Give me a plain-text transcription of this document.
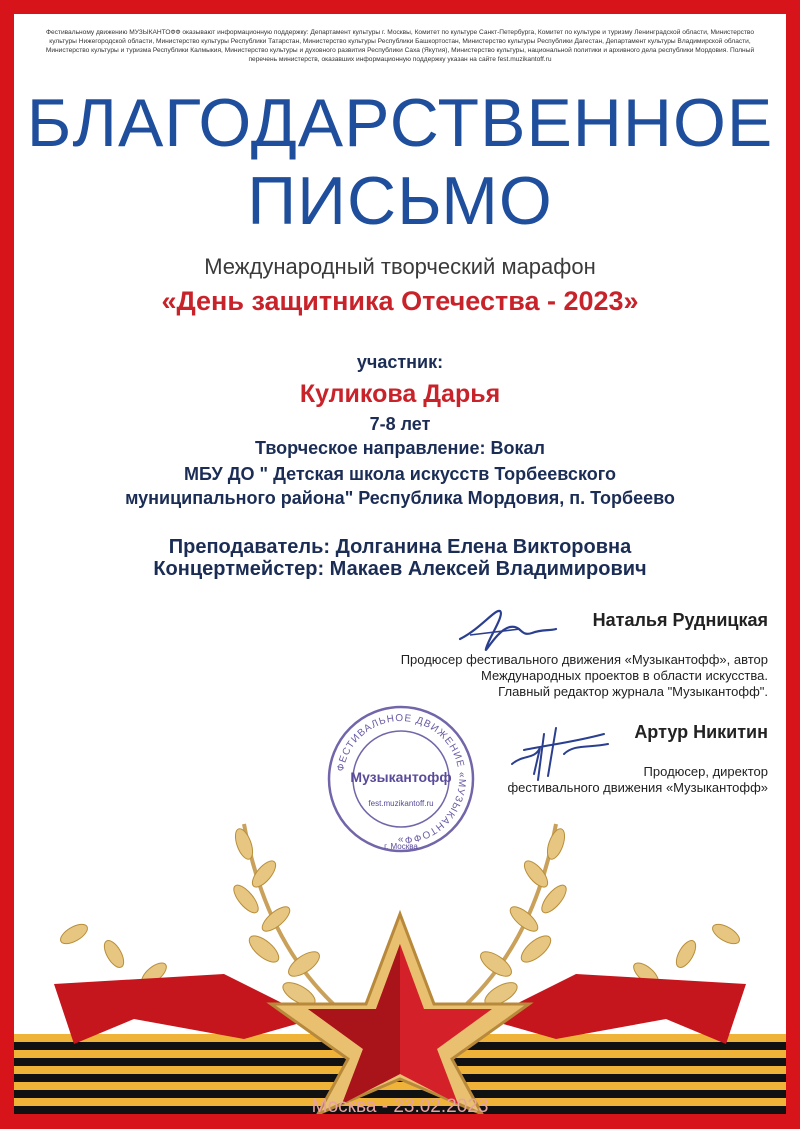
Фестивальному движению МУЗЫКАНТОФФ оказывают информационную поддержку: Департамент культуры г. Москвы, Комитет по культуре Санкт-Петербурга, Комитет по культуре и туризму Ленинградской области, Министерство культуры Нижегородской области, Министерство культуры Республики Татарстан, Министерство культуры Республики Башкортостан, Министерство культуры Республики Дагестан, Департамент культуры Владимирской области, Министерство культуры и туризма Республики Калмыкия, Министерство культуры и духовного развития Республики Саха (Якутия), Министерство культуры, национальной политики и архивного дела республики Мордовия. Полный перечень министерств, оказавших информационную поддержку указан на сайте fest.muzikantoff.ru
БЛАГОДАРСТВЕННОЕ
ПИСЬМО
Международный творческий марафон
«День защитника Отечества - 2023»
участник:
Куликова Дарья
7-8 лет
Творческое направление: Вокал
МБУ ДО " Детская школа искусств Торбеевского муниципального района" Республика Мордовия, п. Торбеево
Преподаватель: Долганина Елена Викторовна
Концертмейстер: Макаев Алексей Владимирович
Наталья Рудницкая
Продюсер фестивального движения «Музыкантофф», автор
Международных проектов в области искусства.
Главный редактор журнала "Музыкантофф".
ФЕСТИВАЛЬНОЕ ДВИЖЕНИЕ «МУЗЫКАНТОФФ»
Музыкантофф
fest.muzikantoff.ru
г. Москва
Артур Никитин
Продюсер, директор
фестивального движения «Музыкантофф»
Москва - 23.02.2023
